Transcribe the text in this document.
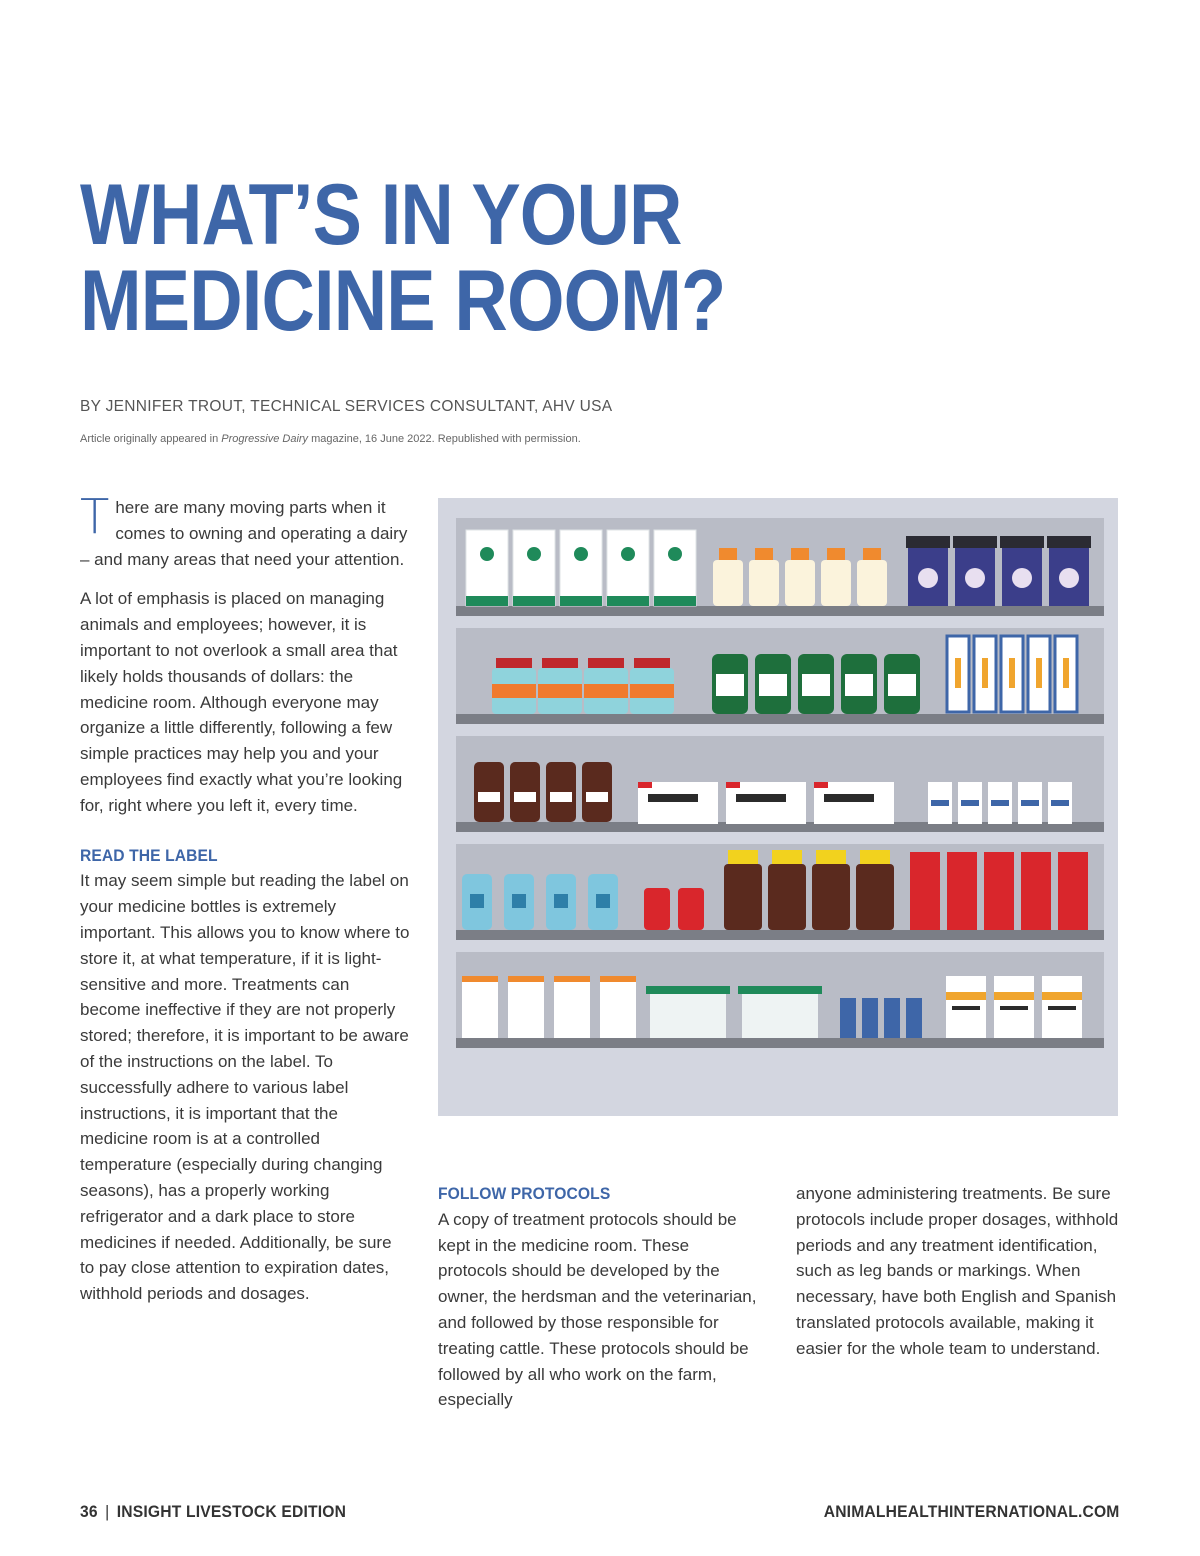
WHAT’S IN YOUR
MEDICINE ROOM?
BY JENNIFER TROUT, TECHNICAL SERVICES CONSULTANT, AHV USA
Article originally appeared in Progressive Dairy magazine, 16 June 2022. Republished with permission.

There are many moving parts when it comes to owning and operating a dairy – and many areas that need your attention.

A lot of emphasis is placed on managing animals and employees; however, it is important to not overlook a small area that likely holds thousands of dollars: the medicine room. Although everyone may organize a little differently, following a few simple practices may help you and your employees find exactly what you’re looking for, right where you left it, every time.

READ THE LABEL

It may seem simple but reading the label on your medicine bottles is extremely important. This allows you to know where to store it, at what temperature, if it is light-sensitive and more. Treatments can become ineffective if they are not properly stored; therefore, it is important to be aware of the instructions on the label. To successfully adhere to various label instructions, it is important that the medicine room is at a controlled temperature (especially during changing seasons), has a properly working refrigerator and a dark place to store medicines if needed. Additionally, be sure to pay close attention to expiration dates, withhold periods and dosages.

FOLLOW PROTOCOLS

A copy of treatment protocols should be kept in the medicine room. These protocols should be developed by the owner, the herdsman and the veterinarian, and followed by those responsible for treating cattle. These protocols should be followed by all who work on the farm, especially

anyone administering treatments. Be sure protocols include proper dosages, withhold periods and any treatment identification, such as leg bands or markings. When necessary, have both English and Spanish translated protocols available, making it easier for the whole team to understand.

36 | INSIGHT LIVESTOCK EDITION	ANIMALHEALTHINTERNATIONAL.COM
